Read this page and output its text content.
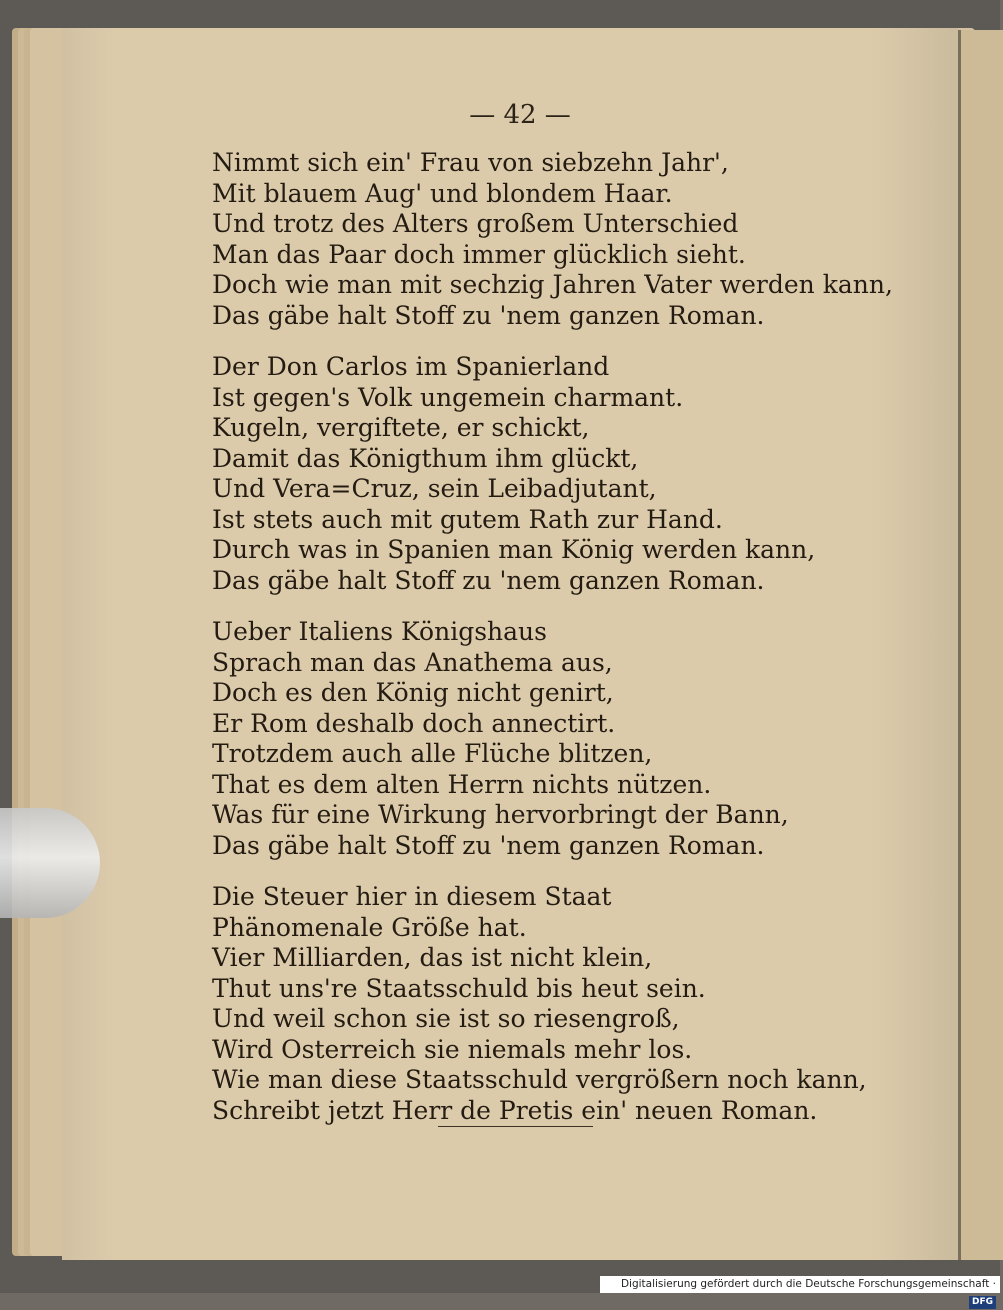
— 42 —
Nimmt sich ein' Frau von siebzehn Jahr',
Mit blauem Aug' und blondem Haar.
Und trotz des Alters großem Unterschied
Man das Paar doch immer glücklich sieht.
Doch wie man mit sechzig Jahren Vater werden kann,
Das gäbe halt Stoff zu 'nem ganzen Roman.
Der Don Carlos im Spanierland
Ist gegen's Volk ungemein charmant.
Kugeln, vergiftete, er schickt,
Damit das Königthum ihm glückt,
Und Vera=Cruz, sein Leibadjutant,
Ist stets auch mit gutem Rath zur Hand.
Durch was in Spanien man König werden kann,
Das gäbe halt Stoff zu 'nem ganzen Roman.
Ueber Italiens Königshaus
Sprach man das Anathema aus,
Doch es den König nicht genirt,
Er Rom deshalb doch annectirt.
Trotzdem auch alle Flüche blitzen,
That es dem alten Herrn nichts nützen.
Was für eine Wirkung hervorbringt der Bann,
Das gäbe halt Stoff zu 'nem ganzen Roman.
Die Steuer hier in diesem Staat
Phänomenale Größe hat.
Vier Milliarden, das ist nicht klein,
Thut uns're Staatsschuld bis heut sein.
Und weil schon sie ist so riesengroß,
Wird Osterreich sie niemals mehr los.
Wie man diese Staatsschuld vergrößern noch kann,
Schreibt jetzt Herr de Pretis ein' neuen Roman.
Digitalisierung gefördert durch die Deutsche Forschungsgemeinschaft · DFG
